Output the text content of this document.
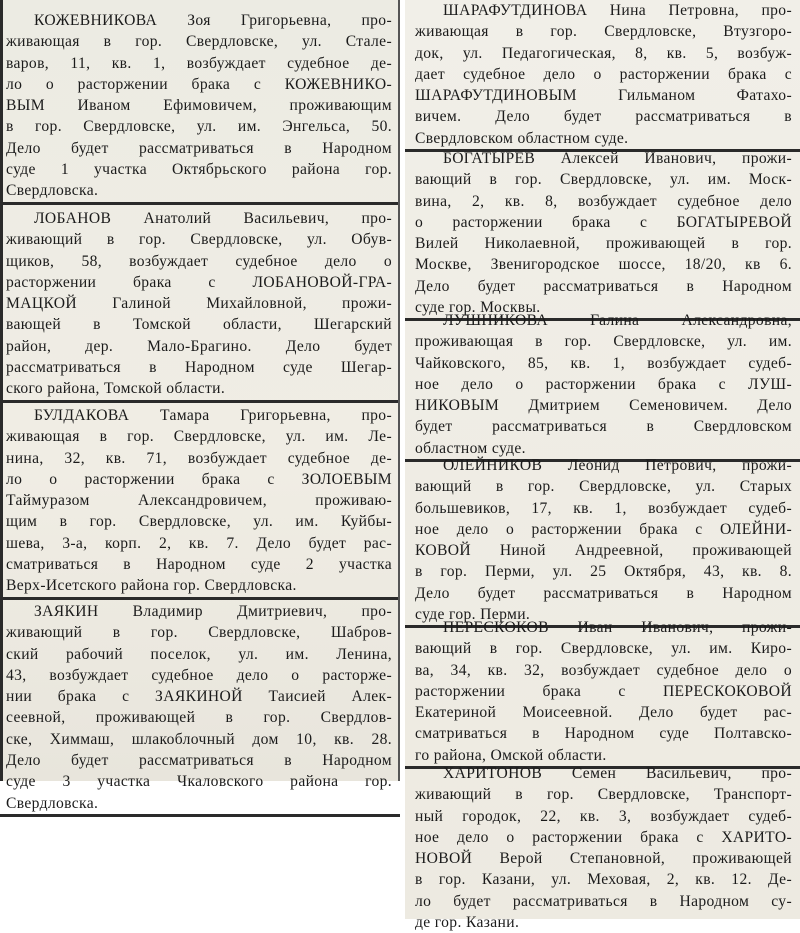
КОЖЕВНИКОВА Зоя Григорьевна, про-
живающая в гор. Свердловске, ул. Стале-
варов, 11, кв. 1, возбуждает судебное де-
ло о расторжении брака с КОЖЕВНИКО-
ВЫМ Иваном Ефимовичем, проживающим
в гор. Свердловске, ул. им. Энгельса, 50.
Дело будет рассматриваться в Народном
суде 1 участка Октябрьского района гор.
Свердловска.
ЛОБАНОВ Анатолий Васильевич, про-
живающий в гор. Свердловске, ул. Обув-
щиков, 58, возбуждает судебное дело о
расторжении брака с ЛОБАНОВОЙ-ГРА-
МАЦКОЙ Галиной Михайловной, прожи-
вающей в Томской области, Шегарский
район, дер. Мало-Брагино. Дело будет
рассматриваться в Народном суде Шегар-
ского района, Томской области.
БУЛДАКОВА Тамара Григорьевна, про-
живающая в гор. Свердловске, ул. им. Ле-
нина, 32, кв. 71, возбуждает судебное де-
ло о расторжении брака с ЗОЛОЕВЫМ
Таймуразом Александровичем, проживаю-
щим в гор. Свердловске, ул. им. Куйбы-
шева, 3-а, корп. 2, кв. 7. Дело будет рас-
сматриваться в Народном суде 2 участка
Верх-Исетского района гор. Свердловска.
ЗАЯКИН Владимир Дмитриевич, про-
живающий в гор. Свердловске, Шабров-
ский рабочий поселок, ул. им. Ленина,
43, возбуждает судебное дело о расторже-
нии брака с ЗАЯКИНОЙ Таисией Алек-
сеевной, проживающей в гор. Свердлов-
ске, Химмаш, шлакоблочный дом 10, кв. 28.
Дело будет рассматриваться в Народном
суде 3 участка Чкаловского района гор.
Свердловска.
ШАРАФУТДИНОВА Нина Петровна, про-
живающая в гор. Свердловске, Втузгоро-
док, ул. Педагогическая, 8, кв. 5, возбуж-
дает судебное дело о расторжении брака с
ШАРАФУТДИНОВЫМ Гильманом Фатахо-
вичем. Дело будет рассматриваться в
Свердловском областном суде.
БОГАТЫРЕВ Алексей Иванович, прожи-
вающий в гор. Свердловске, ул. им. Моск-
вина, 2, кв. 8, возбуждает судебное дело
о расторжении брака с БОГАТЫРЕВОЙ
Вилей Николаевной, проживающей в гор.
Москве, Звенигородское шоссе, 18/20, кв 6.
Дело будет рассматриваться в Народном
суде гор. Москвы.
ЛУШНИКОВА Галина Александровна,
проживающая в гор. Свердловске, ул. им.
Чайковского, 85, кв. 1, возбуждает судеб-
ное дело о расторжении брака с ЛУШ-
НИКОВЫМ Дмитрием Семеновичем. Дело
будет рассматриваться в Свердловском
областном суде.
ОЛЕЙНИКОВ Леонид Петрович, прожи-
вающий в гор. Свердловске, ул. Старых
большевиков, 17, кв. 1, возбуждает судеб-
ное дело о расторжении брака с ОЛЕЙНИ-
КОВОЙ Ниной Андреевной, проживающей
в гор. Перми, ул. 25 Октября, 43, кв. 8.
Дело будет рассматриваться в Народном
суде гор. Перми.
ПЕРЕСКОКОВ Иван Иванович, прожи-
вающий в гор. Свердловске, ул. им. Киро-
ва, 34, кв. 32, возбуждает судебное дело о
расторжении брака с ПЕРЕСКОКОВОЙ
Екатериной Моисеевной. Дело будет рас-
сматриваться в Народном суде Полтавско-
го района, Омской области.
ХАРИТОНОВ Семен Васильевич, про-
живающий в гор. Свердловске, Транспорт-
ный городок, 22, кв. 3, возбуждает судеб-
ное дело о расторжении брака с ХАРИТО-
НОВОЙ Верой Степановной, проживающей
в гор. Казани, ул. Меховая, 2, кв. 12. Де-
ло будет рассматриваться в Народном су-
де гор. Казани.
